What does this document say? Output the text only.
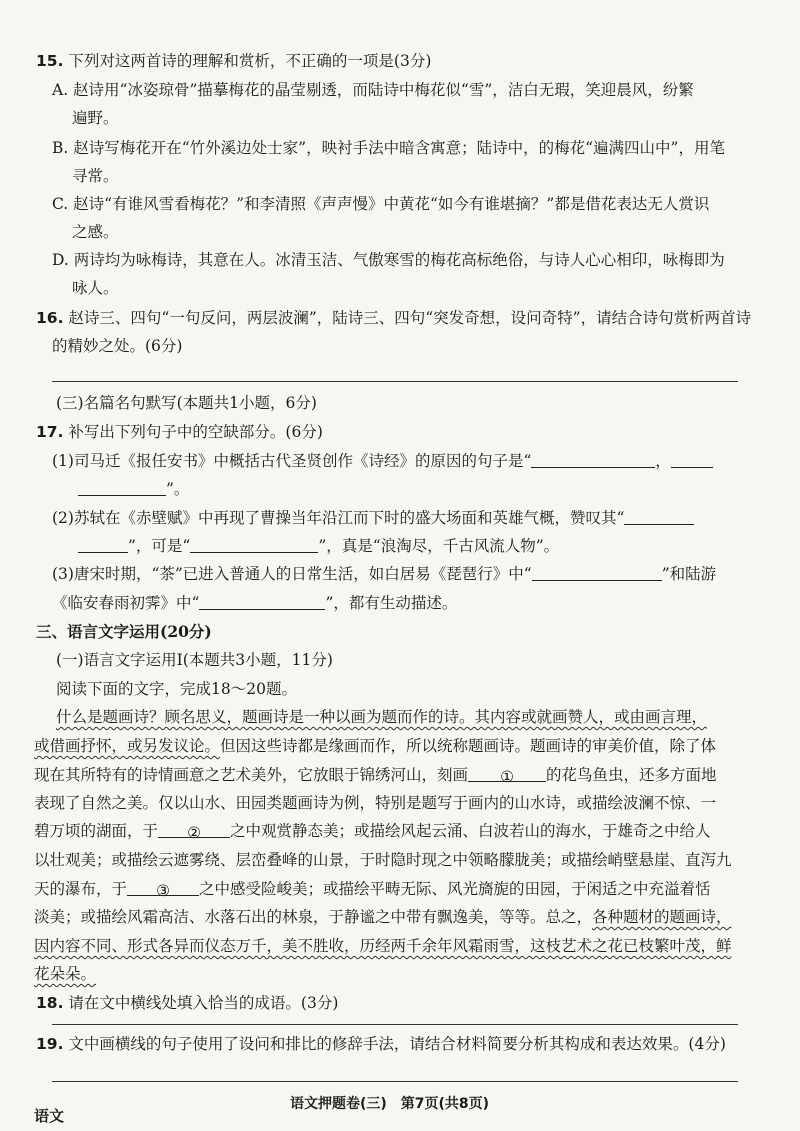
15. 下列对这两首诗的理解和赏析，不正确的一项是(3分)
A. 赵诗用“冰姿琼骨”描摹梅花的晶莹剔透，而陆诗中梅花似“雪”，洁白无瑕，笑迎晨风，纷繁
遍野。
B. 赵诗写梅花开在“竹外溪边处士家”，映衬手法中暗含寓意；陆诗中，的梅花“遍满四山中”，用笔
寻常。
C. 赵诗“有谁风雪看梅花？”和李清照《声声慢》中黄花“如今有谁堪摘？”都是借花表达无人赏识
之感。
D. 两诗均为咏梅诗，其意在人。冰清玉洁、气傲寒雪的梅花高标绝俗，与诗人心心相印，咏梅即为
咏人。
16. 赵诗三、四句“一句反问，两层波澜”，陆诗三、四句“突发奇想，设问奇特”，请结合诗句赏析两首诗
的精妙之处。(6分)
(三)名篇名句默写(本题共1小题，6分)
17. 补写出下列句子中的空缺部分。(6分)
(1)司马迁《报任安书》中概括古代圣贤创作《诗经》的原因的句子是“	，
”。
(2)苏轼在《赤壁赋》中再现了曹操当年沿江而下时的盛大场面和英雄气概，赞叹其“
”，可是“	”，真是“浪淘尽，千古风流人物”。
(3)唐宋时期，“茶”已进入普通人的日常生活，如白居易《琵琶行》中“	”和陆游
《临安春雨初霁》中“	”，都有生动描述。
三、语言文字运用(20分)
(一)语言文字运用Ⅰ(本题共3小题，11分)
阅读下面的文字，完成18～20题。
什么是题画诗？顾名思义，题画诗是一种以画为题而作的诗。其内容或就画赞人，或由画言理，
或借画抒怀，或另发议论。但因这些诗都是缘画而作，所以统称题画诗。题画诗的审美价值，除了体
现在其所特有的诗情画意之艺术美外，它放眼于锦绣河山，刻画	①	的花鸟鱼虫，还多方面地
表现了自然之美。仅以山水、田园类题画诗为例，特别是题写于画内的山水诗，或描绘波澜不惊、一
碧万顷的湖面，于	②	之中观赏静态美；或描绘风起云涌、白波若山的海水，于雄奇之中给人
以壮观美；或描绘云遮雾绕、层峦叠峰的山景，于时隐时现之中领略朦胧美；或描绘峭壁悬崖、直泻九
天的瀑布，于	③	之中感受险峻美；或描绘平畴无际、风光旖旎的田园，于闲适之中充溢着恬
淡美；或描绘风霜高洁、水落石出的林泉，于静谧之中带有飘逸美，等等。总之，各种题材的题画诗，
因内容不同、形式各异而仪态万千，美不胜收，历经两千余年风霜雨雪，这枝艺术之花已枝繁叶茂，鲜
花朵朵。
18. 请在文中横线处填入恰当的成语。(3分)
19. 文中画横线的句子使用了设问和排比的修辞手法，请结合材料简要分析其构成和表达效果。(4分)
语文押题卷(三)　第7页(共8页)
语文
